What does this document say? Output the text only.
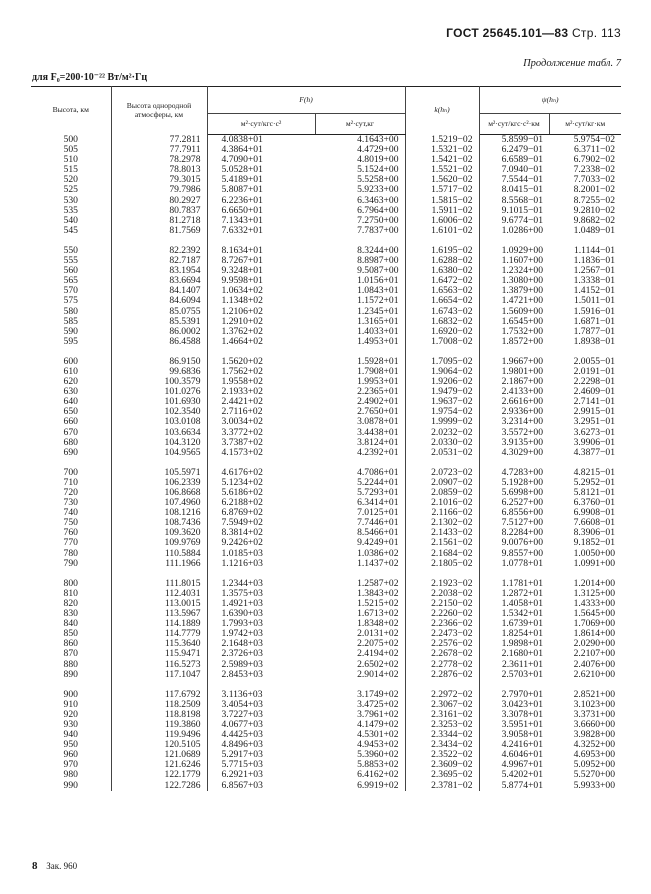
ГОСТ 25645.101—83 Стр. 113
Продолжение табл. 7
для F₀=200·10⁻²² Вт/м²·Гц
Высота, км	Высота однородной атмосферы, км	F(h)		k(hₙ)	ψ(hₙ)	
		м²·сут/кгс·с²	м²·сут,кг		м²·сут/кгс·с²·км	м²·сут/кг·км
500	77.2811	4.0838+01	4.1643+00	1.5219−02	5.8599−01	5.9754−02
505	77.7911	4.3864+01	4.4729+00	1.5321−02	6.2479−01	6.3711−02
510	78.2978	4.7090+01	4.8019+00	1.5421−02	6.6589−01	6.7902−02
515	78.8013	5.0528+01	5.1524+00	1.5521−02	7.0940−01	7.2338−02
520	79.3015	5.4189+01	5.5258+00	1.5620−02	7.5544−01	7.7033−02
525	79.7986	5.8087+01	5.9233+00	1.5717−02	8.0415−01	8.2001−02
530	80.2927	6.2236+01	6.3463+00	1.5815−02	8.5568−01	8.7255−02
535	80.7837	6.6650+01	6.7964+00	1.5911−02	9.1015−01	9.2810−02
540	81.2718	7.1343+01	7.2750+00	1.6006−02	9.6774−01	9.8682−02
545	81.7569	7.6332+01	7.7837+00	1.6101−02	1.0286+00	1.0489−01

550	82.2392	8.1634+01	8.3244+00	1.6195−02	1.0929+00	1.1144−01
555	82.7187	8.7267+01	8.8987+00	1.6288−02	1.1607+00	1.1836−01
560	83.1954	9.3248+01	9.5087+00	1.6380−02	1.2324+00	1.2567−01
565	83.6694	9.9598+01	1.0156+01	1.6472−02	1.3080+00	1.3338−01
570	84.1407	1.0634+02	1.0843+01	1.6563−02	1.3879+00	1.4152−01
575	84.6094	1.1348+02	1.1572+01	1.6654−02	1.4721+00	1.5011−01
580	85.0755	1.2106+02	1.2345+01	1.6743−02	1.5609+00	1.5916−01
585	85.5391	1.2910+02	1.3165+01	1.6832−02	1.6545+00	1.6871−01
590	86.0002	1.3762+02	1.4033+01	1.6920−02	1.7532+00	1.7877−01
595	86.4588	1.4664+02	1.4953+01	1.7008−02	1.8572+00	1.8938−01

600	86.9150	1.5620+02	1.5928+01	1.7095−02	1.9667+00	2.0055−01
610	99.6836	1.7562+02	1.7908+01	1.9064−02	1.9801+00	2.0191−01
620	100.3579	1.9558+02	1.9953+01	1.9206−02	2.1867+00	2.2298−01
630	101.0276	2.1933+02	2.2365+01	1.9479−02	2.4133+00	2.4609−01
640	101.6930	2.4421+02	2.4902+01	1.9637−02	2.6616+00	2.7141−01
650	102.3540	2.7116+02	2.7650+01	1.9754−02	2.9336+00	2.9915−01
660	103.0108	3.0034+02	3.0878+01	1.9999−02	3.2314+00	3.2951−01
670	103.6634	3.3772+02	3.4438+01	2.0232−02	3.5572+00	3.6273−01
680	104.3120	3.7387+02	3.8124+01	2.0330−02	3.9135+00	3.9906−01
690	104.9565	4.1573+02	4.2392+01	2.0531−02	4.3029+00	4.3877−01

700	105.5971	4.6176+02	4.7086+01	2.0723−02	4.7283+00	4.8215−01
710	106.2339	5.1234+02	5.2244+01	2.0907−02	5.1928+00	5.2952−01
720	106.8668	5.6186+02	5.7293+01	2.0859−02	5.6998+00	5.8121−01
730	107.4960	6.2188+02	6.3414+01	2.1016−02	6.2527+00	6.3760−01
740	108.1216	6.8769+02	7.0125+01	2.1166−02	6.8556+00	6.9908−01
750	108.7436	7.5949+02	7.7446+01	2.1302−02	7.5127+00	7.6608−01
760	109.3620	8.3814+02	8.5466+01	2.1433−02	8.2284+00	8.3906−01
770	109.9769	9.2426+02	9.4249+01	2.1561−02	9.0076+00	9.1852−01
780	110.5884	1.0185+03	1.0386+02	2.1684−02	9.8557+00	1.0050+00
790	111.1966	1.1216+03	1.1437+02	2.1805−02	1.0778+01	1.0991+00

800	111.8015	1.2344+03	1.2587+02	2.1923−02	1.1781+01	1.2014+00
810	112.4031	1.3575+03	1.3843+02	2.2038−02	1.2872+01	1.3125+00
820	113.0015	1.4921+03	1.5215+02	2.2150−02	1.4058+01	1.4333+00
830	113.5967	1.6390+03	1.6713+02	2.2260−02	1.5342+01	1.5645+00
840	114.1889	1.7993+03	1.8348+02	2.2366−02	1.6739+01	1.7069+00
850	114.7779	1.9742+03	2.0131+02	2.2473−02	1.8254+01	1.8614+00
860	115.3640	2.1648+03	2.2075+02	2.2576−02	1.9898+01	2.0290+00
870	115.9471	2.3726+03	2.4194+02	2.2678−02	2.1680+01	2.2107+00
880	116.5273	2.5989+03	2.6502+02	2.2778−02	2.3611+01	2.4076+00
890	117.1047	2.8453+03	2.9014+02	2.2876−02	2.5703+01	2.6210+00

900	117.6792	3.1136+03	3.1749+02	2.2972−02	2.7970+01	2.8521+00
910	118.2509	3.4054+03	3.4725+02	2.3067−02	3.0423+01	3.1023+00
920	118.8198	3.7227+03	3.7961+02	2.3161−02	3.3078+01	3.3731+00
930	119.3860	4.0677+03	4.1479+02	2.3253−02	3.5951+01	3.6660+00
940	119.9496	4.4425+03	4.5301+02	2.3344−02	3.9058+01	3.9828+00
950	120.5105	4.8496+03	4.9453+02	2.3434−02	4.2416+01	4.3252+00
960	121.0689	5.2917+03	5.3960+02	2.3522−02	4.6046+01	4.6953+00
970	121.6246	5.7715+03	5.8853+02	2.3609−02	4.9967+01	5.0952+00
980	122.1779	6.2921+03	6.4162+02	2.3695−02	5.4202+01	5.5270+00
990	122.7286	6.8567+03	6.9919+02	2.3781−02	5.8774+01	5.9933+00
8 Зак. 960
